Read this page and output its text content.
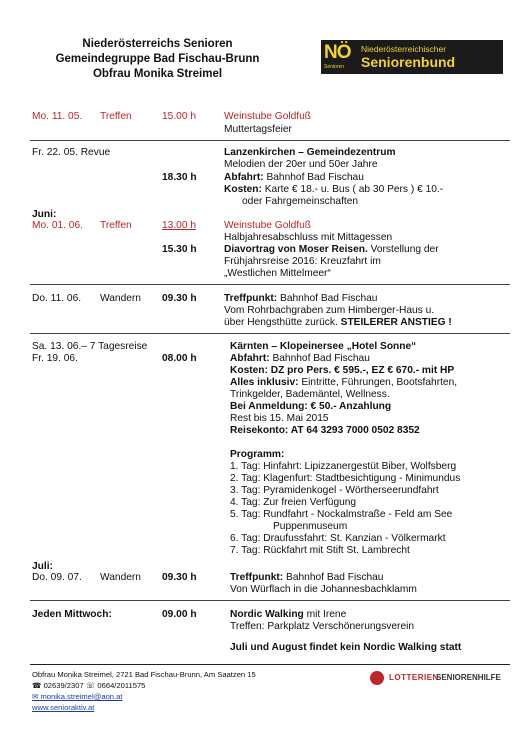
Niederösterreichs Senioren
Gemeindegruppe Bad Fischau-Brunn
Obfrau Monika Streimel
NÖ
Senioren
Niederösterreichischer
Seniorenbund
Mo. 11. 05. Treffen	15.00 h	Weinstube Goldfuß
Muttertagsfeier
Fr. 22. 05. Revue	Lanzenkirchen – Gemeindezentrum
Melodien der 20er und 50er Jahre
18.30 h	Abfahrt: Bahnhof Bad Fischau
Kosten: Karte € 18.- u. Bus ( ab 30 Pers ) € 10.-
oder Fahrgemeinschaften
Juni:
Mo. 01. 06. Treffen	13.00 h	Weinstube Goldfuß
Halbjahresabschluss mit Mittagessen
15.30 h	Diavortrag von Moser Reisen. Vorstellung der
Frühjahrsreise 2016: Kreuzfahrt im
„Westlichen Mittelmeer“
Do. 11. 06. Wandern 09.30 h	Treffpunkt: Bahnhof Bad Fischau
Vom Rohrbachgraben zum Himberger-Haus u.
über Hengsthütte zurück. STEILERER ANSTIEG !
Sa. 13. 06.– 7 Tagesreise
Fr. 19. 06.	08.00 h
Kärnten – Klopeinersee „Hotel Sonne“
Abfahrt: Bahnhof Bad Fischau
Kosten: DZ pro Pers. € 595.-, EZ € 670.- mit HP
Alles inklusiv: Eintritte, Führungen, Bootsfahrten,
Trinkgelder, Bademäntel, Wellness.
Bei Anmeldung: € 50.- Anzahlung
Rest bis 15. Mai 2015
Reisekonto: AT 64 3293 7000 0502 8352
Programm:
1. Tag: Hinfahrt: Lipizzanergestüt Biber, Wolfsberg
2. Tag: Klagenfurt: Stadtbesichtigung - Minimundus
3. Tag: Pyramidenkogel - Wörtherseerundfahrt
4. Tag: Zur freien Verfügung
5. Tag: Rundfahrt - Nockalmstraße - Feld am See
Puppenmuseum
6. Tag: Draufussfahrt: St. Kanzian - Völkermarkt
7. Tag: Rückfahrt mit Stift St. Lambrecht
Juli:
Do. 09. 07. Wandern 09.30 h	Treffpunkt: Bahnhof Bad Fischau
Von Würflach in die Johannesbachklamm
Jeden Mittwoch:	09.00 h	Nordic Walking mit Irene
Treffen: Parkplatz Verschönerungsverein
Juli und August findet kein Nordic Walking statt
Obfrau Monika Streimel, 2721 Bad Fischau-Brunn, Am Saatzen 15
☎ 02639/2307 ☏ 0664/2011575
✉ monika.streimel@aon.at
www.senioraktiv.at
LOTTERIEN
SENIORENHILFE
